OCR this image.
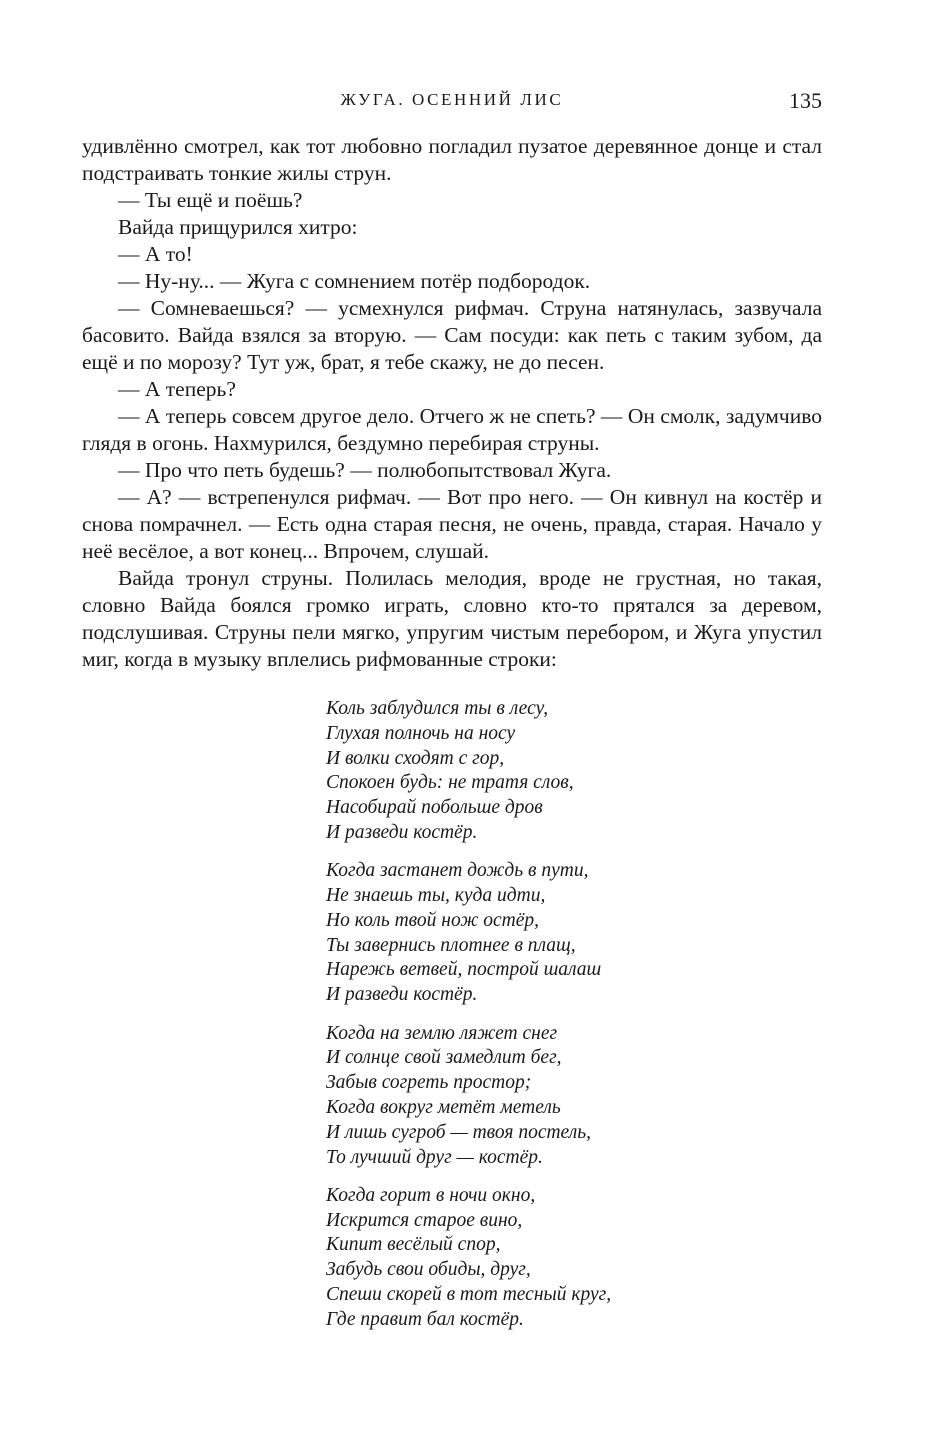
ЖУГА. ОСЕННИЙ ЛИС	135

удивлённо смотрел, как тот любовно погладил пузатое деревянное донце и стал подстраивать тонкие жилы струн.

— Ты ещё и поёшь?

Вайда прищурился хитро:

— А то!

— Ну-ну... — Жуга с сомнением потёр подбородок.

— Сомневаешься? — усмехнулся рифмач. Струна натянулась, зазвучала басовито. Вайда взялся за вторую. — Сам посуди: как петь с таким зубом, да ещё и по морозу? Тут уж, брат, я тебе скажу, не до песен.

— А теперь?

— А теперь совсем другое дело. Отчего ж не спеть? — Он смолк, задумчиво глядя в огонь. Нахмурился, бездумно перебирая струны.

— Про что петь будешь? — полюбопытствовал Жуга.

— А? — встрепенулся рифмач. — Вот про него. — Он кивнул на костёр и снова помрачнел. — Есть одна старая песня, не очень, правда, старая. Начало у неё весёлое, а вот конец... Впрочем, слушай.

Вайда тронул струны. Полилась мелодия, вроде не грустная, но такая, словно Вайда боялся громко играть, словно кто-то прятался за деревом, подслушивая. Струны пели мягко, упругим чистым перебором, и Жуга упустил миг, когда в музыку вплелись рифмованные строки:

Коль заблудился ты в лесу,
Глухая полночь на носу
И волки сходят с гор,
Спокоен будь: не тратя слов,
Насобирай побольше дров
И разведи костёр.
Когда застанет дождь в пути,
Не знаешь ты, куда идти,
Но коль твой нож остёр,
Ты завернись плотнее в плащ,
Нарежь ветвей, построй шалаш
И разведи костёр.
Когда на землю ляжет снег
И солнце свой замедлит бег,
Забыв согреть простор;
Когда вокруг метёт метель
И лишь сугроб — твоя постель,
То лучший друг — костёр.
Когда горит в ночи окно,
Искрится старое вино,
Кипит весёлый спор,
Забудь свои обиды, друг,
Спеши скорей в тот тесный круг,
Где правит бал костёр.
